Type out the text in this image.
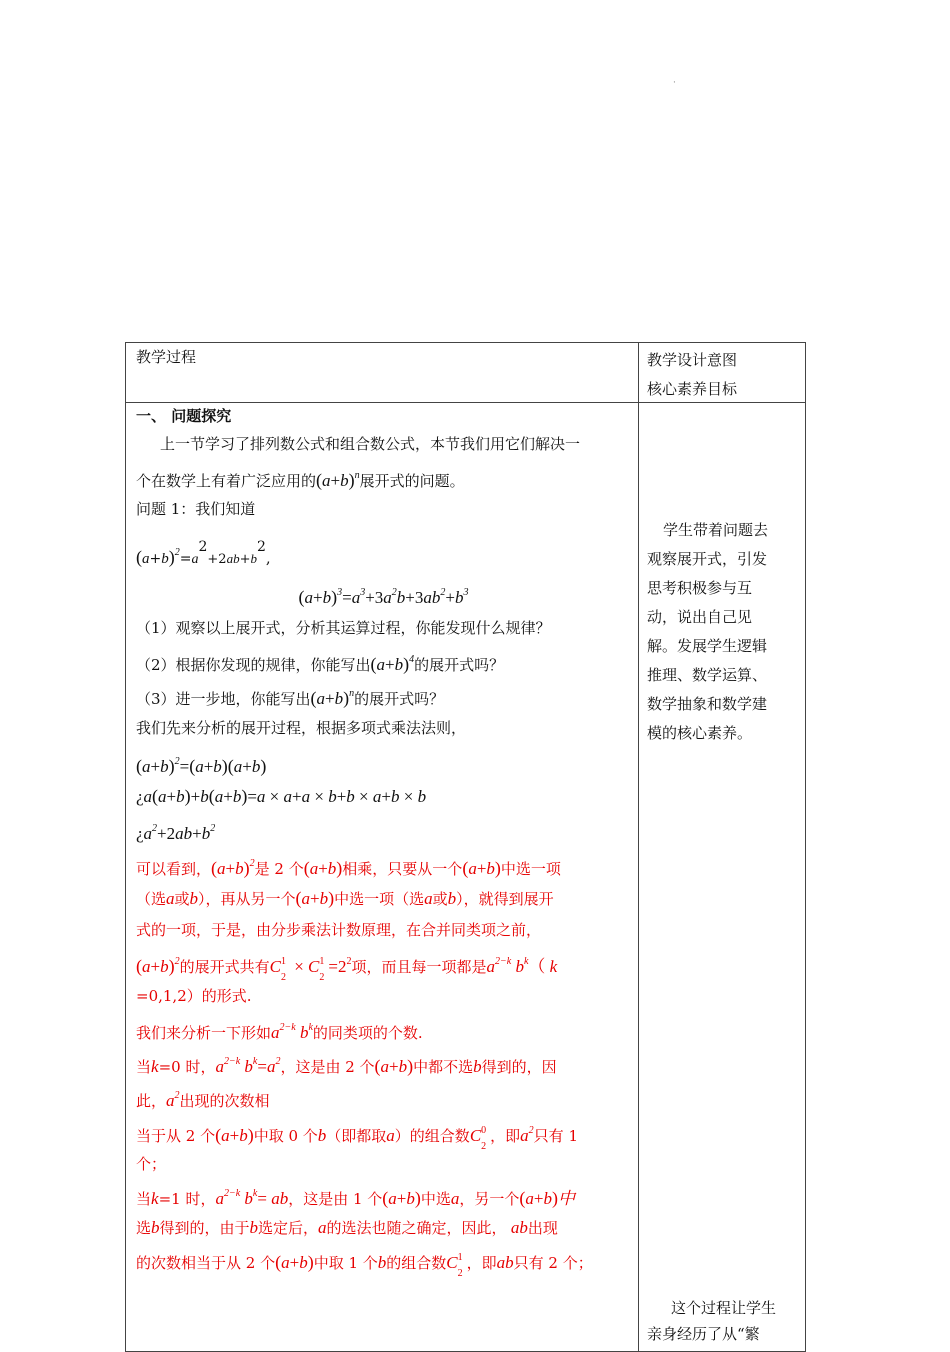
·
教学过程	教学设计意图
核心素养目标
一、 问题探究
上一节学习了排列数公式和组合数公式，本节我们用它们解决一
个在数学上有着广泛应用的$(a+b)^n$展开式的问题。
问题 1：我们知道
$(a+b)^2=a2+2ab+b2$,
$(a+b)^3=a^3+3a^2b+3ab^2+b^3$
（1）观察以上展开式，分析其运算过程，你能发现什么规律？
（2）根据你发现的规律，你能写出$(a+b)^4$的展开式吗？
（3）进一步地，你能写出$(a+b)^n$的展开式吗？
我们先来分析的展开过程，根据多项式乘法法则，
$(a+b)^2=(a+b)(a+b)$
¿a(a+b)+b(a+b)=a × a+a × b+b × a+b × b
¿$a^2+2ab+b^2$
可以看到，$(a+b)^2$是 2 个(a+b)相乘，只要从一个(a+b)中选一项
（选a或b），再从另一个(a+b)中选一项（选a或b），就得到展开
式的一项，于是，由分步乘法计数原理，在合并同类项之前，
$(a+b)^2$的展开式共有C 1
2
× C 1
2
$=2^2$项，而且每一项都是$a^{2-k}$ $b^k$（ k
=0,1,2）的形式.
我们来分析一下形如$a^{2-k}$ $b^k$的同类项的个数.
当k=0 时，$a^{2-k}$ $b^k=a^2$，这是由 2 个(a+b)中都不选b得到的，因
此，$a^2$出现的次数相
当于从 2 个(a+b)中取 0 个b（即都取a）的组合数C 0
2
，即$a^2$只有 1
个；
当k=1 时，$a^{2-k}$ $b^k=$ ab，这是由 1 个(a+b)中选a，另一个(a+b)中
选b得到的，由于b选定后，a的选法也随之确定，因此， ab出现
的次数相当于从 2 个(a+b)中取 1 个b的组合数C 1
2
，即ab只有 2 个；

学生带着问题去

观察展开式，引发

思考积极参与互

动，说出自己见

解。发展学生逻辑

推理、数学运算、

数学抽象和数学建

模的核心素养。

这个过程让学生

亲身经历了从“繁
